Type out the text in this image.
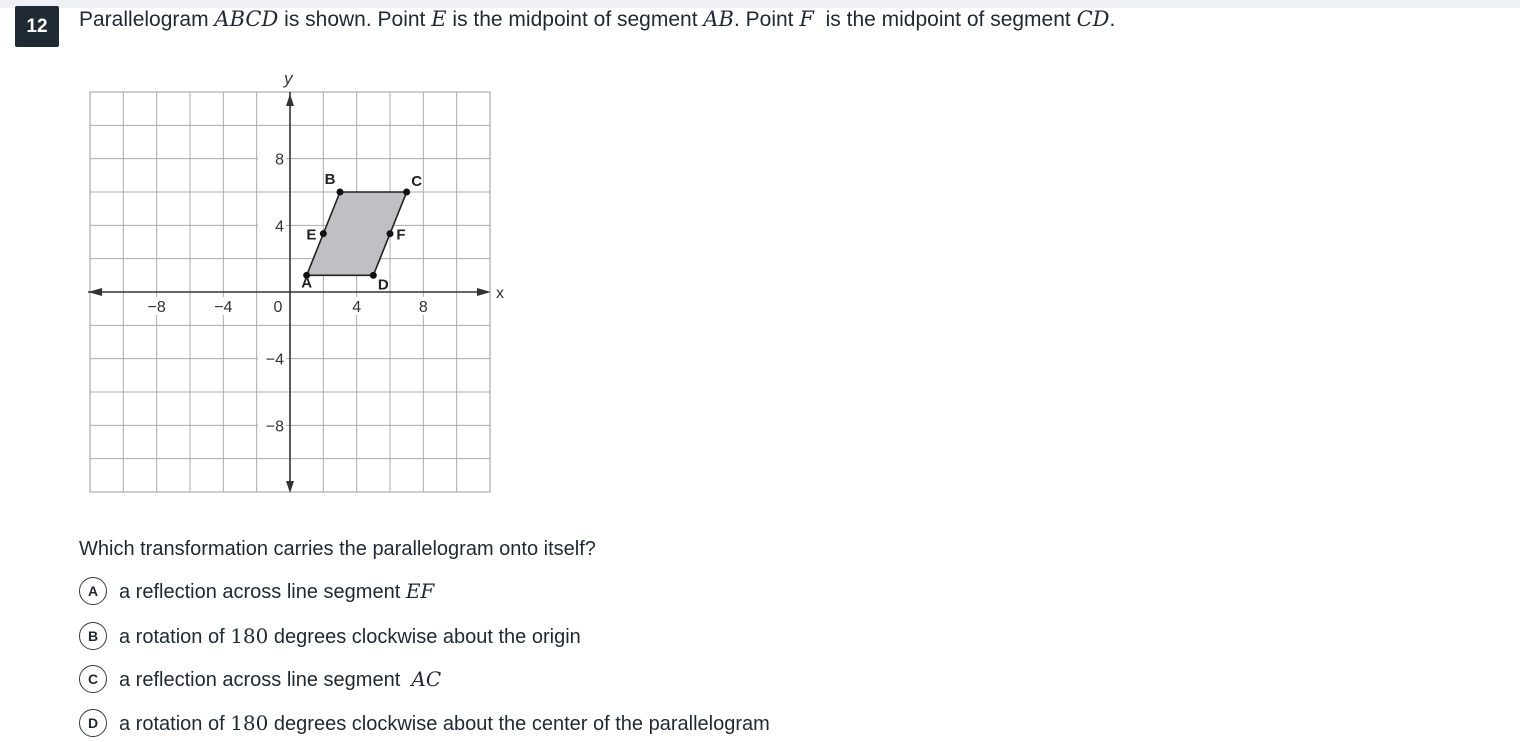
12	Parallelogram ABCD is shown. Point E is the midpoint of segment AB. Point F  is the midpoint of segment CD.
x
y
−8	−4	0	4	8
8
4
−4
−8
A
B	C
D
E	F
Which transformation carries the parallelogram onto itself?
A	a reflection across line segment EF
B	a rotation of 180 degrees clockwise about the origin
C	a reflection across line segment AC
D	a rotation of 180 degrees clockwise about the center of the parallelogram
